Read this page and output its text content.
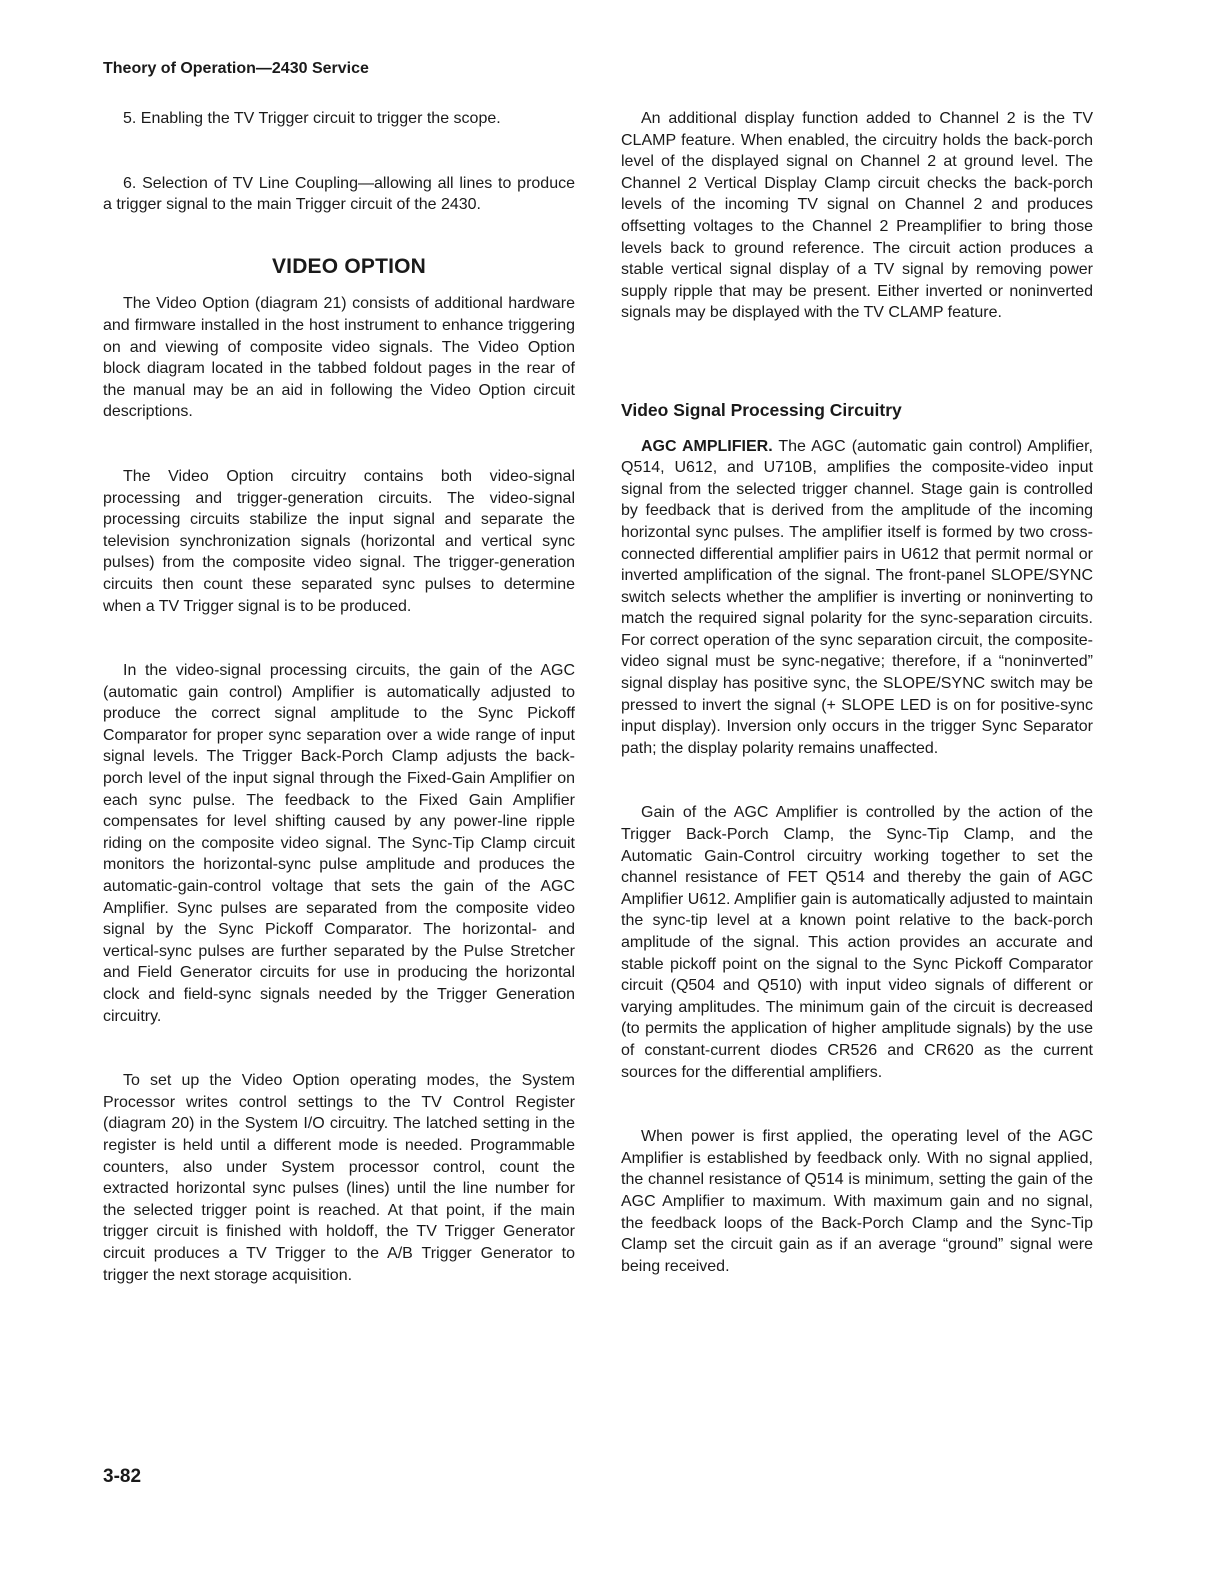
Theory of Operation—2430 Service

5. Enabling the TV Trigger circuit to trigger the scope.

6. Selection of TV Line Coupling—allowing all lines to produce a trigger signal to the main Trigger circuit of the 2430.

VIDEO OPTION

The Video Option (diagram 21) consists of additional hardware and firmware installed in the host instrument to enhance triggering on and viewing of composite video signals. The Video Option block diagram located in the tabbed foldout pages in the rear of the manual may be an aid in following the Video Option circuit descriptions.

The Video Option circuitry contains both video-signal processing and trigger-generation circuits. The video-signal processing circuits stabilize the input signal and separate the television synchronization signals (horizontal and vertical sync pulses) from the composite video signal. The trigger-generation circuits then count these separated sync pulses to determine when a TV Trigger signal is to be produced.

In the video-signal processing circuits, the gain of the AGC (automatic gain control) Amplifier is automatically adjusted to produce the correct signal amplitude to the Sync Pickoff Comparator for proper sync separation over a wide range of input signal levels. The Trigger Back-Porch Clamp adjusts the back-porch level of the input signal through the Fixed-Gain Amplifier on each sync pulse. The feedback to the Fixed Gain Amplifier compensates for level shifting caused by any power-line ripple riding on the composite video signal. The Sync-Tip Clamp circuit monitors the horizontal-sync pulse amplitude and produces the automatic-gain-control voltage that sets the gain of the AGC Amplifier. Sync pulses are separated from the composite video signal by the Sync Pickoff Comparator. The horizontal- and vertical-sync pulses are further separated by the Pulse Stretcher and Field Generator circuits for use in producing the horizontal clock and field-sync signals needed by the Trigger Generation circuitry.

To set up the Video Option operating modes, the System Processor writes control settings to the TV Control Register (diagram 20) in the System I/O circuitry. The latched setting in the register is held until a different mode is needed. Programmable counters, also under System processor control, count the extracted horizontal sync pulses (lines) until the line number for the selected trigger point is reached. At that point, if the main trigger circuit is finished with holdoff, the TV Trigger Generator circuit produces a TV Trigger to the A/B Trigger Generator to trigger the next storage acquisition.

An additional display function added to Channel 2 is the TV CLAMP feature. When enabled, the circuitry holds the back-porch level of the displayed signal on Channel 2 at ground level. The Channel 2 Vertical Display Clamp circuit checks the back-porch levels of the incoming TV signal on Channel 2 and produces offsetting voltages to the Channel 2 Preamplifier to bring those levels back to ground reference. The circuit action produces a stable vertical signal display of a TV signal by removing power supply ripple that may be present. Either inverted or noninverted signals may be displayed with the TV CLAMP feature.

Video Signal Processing Circuitry

AGC AMPLIFIER. The AGC (automatic gain control) Amplifier, Q514, U612, and U710B, amplifies the composite-video input signal from the selected trigger channel. Stage gain is controlled by feedback that is derived from the amplitude of the incoming horizontal sync pulses. The amplifier itself is formed by two cross-connected differential amplifier pairs in U612 that permit normal or inverted amplification of the signal. The front-panel SLOPE/SYNC switch selects whether the amplifier is inverting or noninverting to match the required signal polarity for the sync-separation circuits. For correct operation of the sync separation circuit, the composite-video signal must be sync-negative; therefore, if a “noninverted” signal display has positive sync, the SLOPE/SYNC switch may be pressed to invert the signal (+ SLOPE LED is on for positive-sync input display). Inversion only occurs in the trigger Sync Separator path; the display polarity remains unaffected.

Gain of the AGC Amplifier is controlled by the action of the Trigger Back-Porch Clamp, the Sync-Tip Clamp, and the Automatic Gain-Control circuitry working together to set the channel resistance of FET Q514 and thereby the gain of AGC Amplifier U612. Amplifier gain is automatically adjusted to maintain the sync-tip level at a known point relative to the back-porch amplitude of the signal. This action provides an accurate and stable pickoff point on the signal to the Sync Pickoff Comparator circuit (Q504 and Q510) with input video signals of different or varying amplitudes. The minimum gain of the circuit is decreased (to permits the application of higher amplitude signals) by the use of constant-current diodes CR526 and CR620 as the current sources for the differential amplifiers.

When power is first applied, the operating level of the AGC Amplifier is established by feedback only. With no signal applied, the channel resistance of Q514 is minimum, setting the gain of the AGC Amplifier to maximum. With maximum gain and no signal, the feedback loops of the Back-Porch Clamp and the Sync-Tip Clamp set the circuit gain as if an average “ground” signal were being received.

3-82
